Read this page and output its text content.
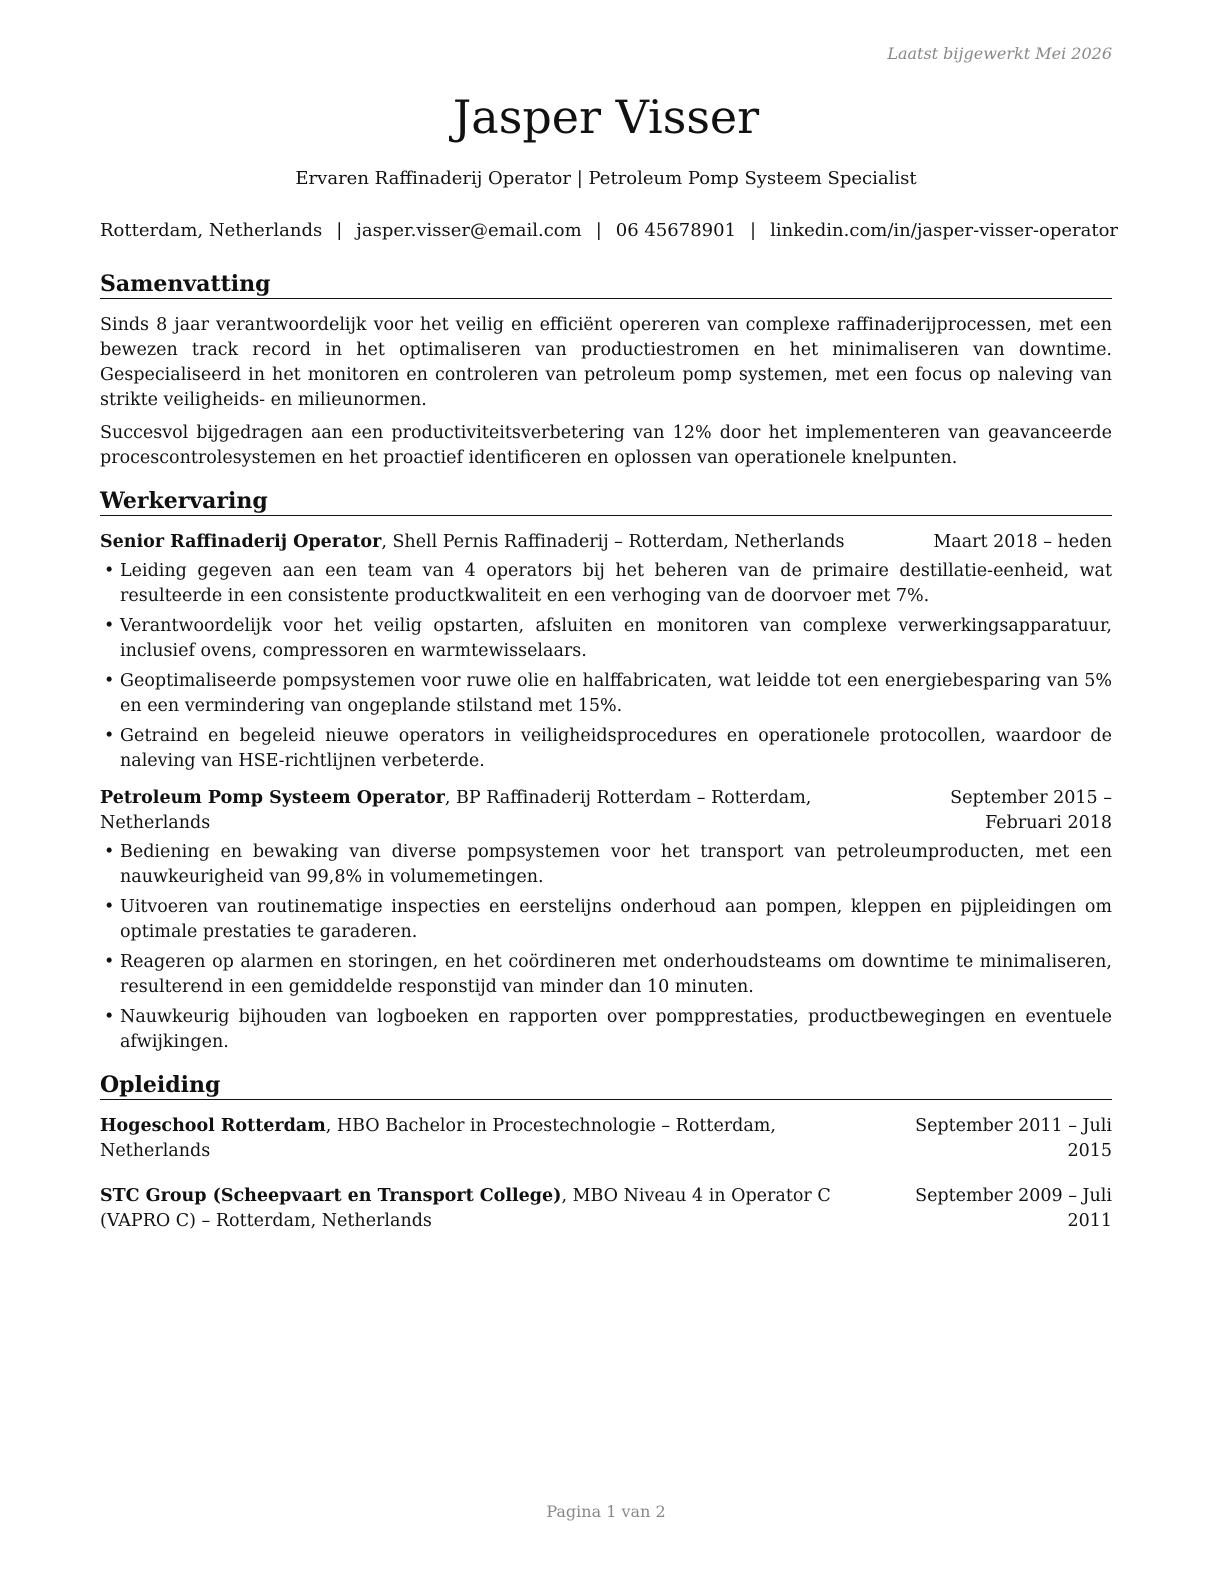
Laatst bijgewerkt Mei 2026
Jasper Visser
Ervaren Raffinaderij Operator | Petroleum Pomp Systeem Specialist
Rotterdam, Netherlands | jasper.visser@email.com | 06 45678901 | linkedin.com/in/jasper-visser-operator
Samenvatting

Sinds 8 jaar verantwoordelijk voor het veilig en efficiënt opereren van complexe raffinaderijprocessen, met een bewezen track record in het optimaliseren van productiestromen en het minimaliseren van downtime. Gespecialiseerd in het monitoren en controleren van petroleum pomp systemen, met een focus op naleving van strikte veiligheids- en milieunormen.

Succesvol bijgedragen aan een productiviteitsverbetering van 12% door het implementeren van geavanceerde procescontrolesystemen en het proactief identificeren en oplossen van operationele knelpunten.

Werkervaring
Senior Raffinaderij Operator, Shell Pernis Raffinaderij – Rotterdam, Netherlands	Maart 2018 – heden
• Leiding gegeven aan een team van 4 operators bij het beheren van de primaire destillatie-eenheid, wat resulteerde in een consistente productkwaliteit en een verhoging van de doorvoer met 7%.
• Verantwoordelijk voor het veilig opstarten, afsluiten en monitoren van complexe verwerkingsapparatuur, inclusief ovens, compressoren en warmtewisselaars.
• Geoptimaliseerde pompsystemen voor ruwe olie en halffabricaten, wat leidde tot een energiebesparing van 5% en een vermindering van ongeplande stilstand met 15%.
• Getraind en begeleid nieuwe operators in veiligheidsprocedures en operationele protocollen, waardoor de naleving van HSE-richtlijnen verbeterde.
Petroleum Pomp Systeem Operator, BP Raffinaderij Rotterdam – Rotterdam, Netherlands
September 2015 – Februari 2018
• Bediening en bewaking van diverse pompsystemen voor het transport van petroleumproducten, met een nauwkeurigheid van 99,8% in volumemetingen.
• Uitvoeren van routinematige inspecties en eerstelijns onderhoud aan pompen, kleppen en pijpleidingen om optimale prestaties te garaderen.
• Reageren op alarmen en storingen, en het coördineren met onderhoudsteams om downtime te minimaliseren, resulterend in een gemiddelde responstijd van minder dan 10 minuten.
• Nauwkeurig bijhouden van logboeken en rapporten over pompprestaties, productbewegingen en eventuele afwijkingen.
Opleiding
Hogeschool Rotterdam, HBO Bachelor in Procestechnologie – Rotterdam, Netherlands
September 2011 – Juli 2015
STC Group (Scheepvaart en Transport College), MBO Niveau 4 in Operator C (VAPRO C) – Rotterdam, Netherlands
September 2009 – Juli 2011
Pagina 1 van 2
